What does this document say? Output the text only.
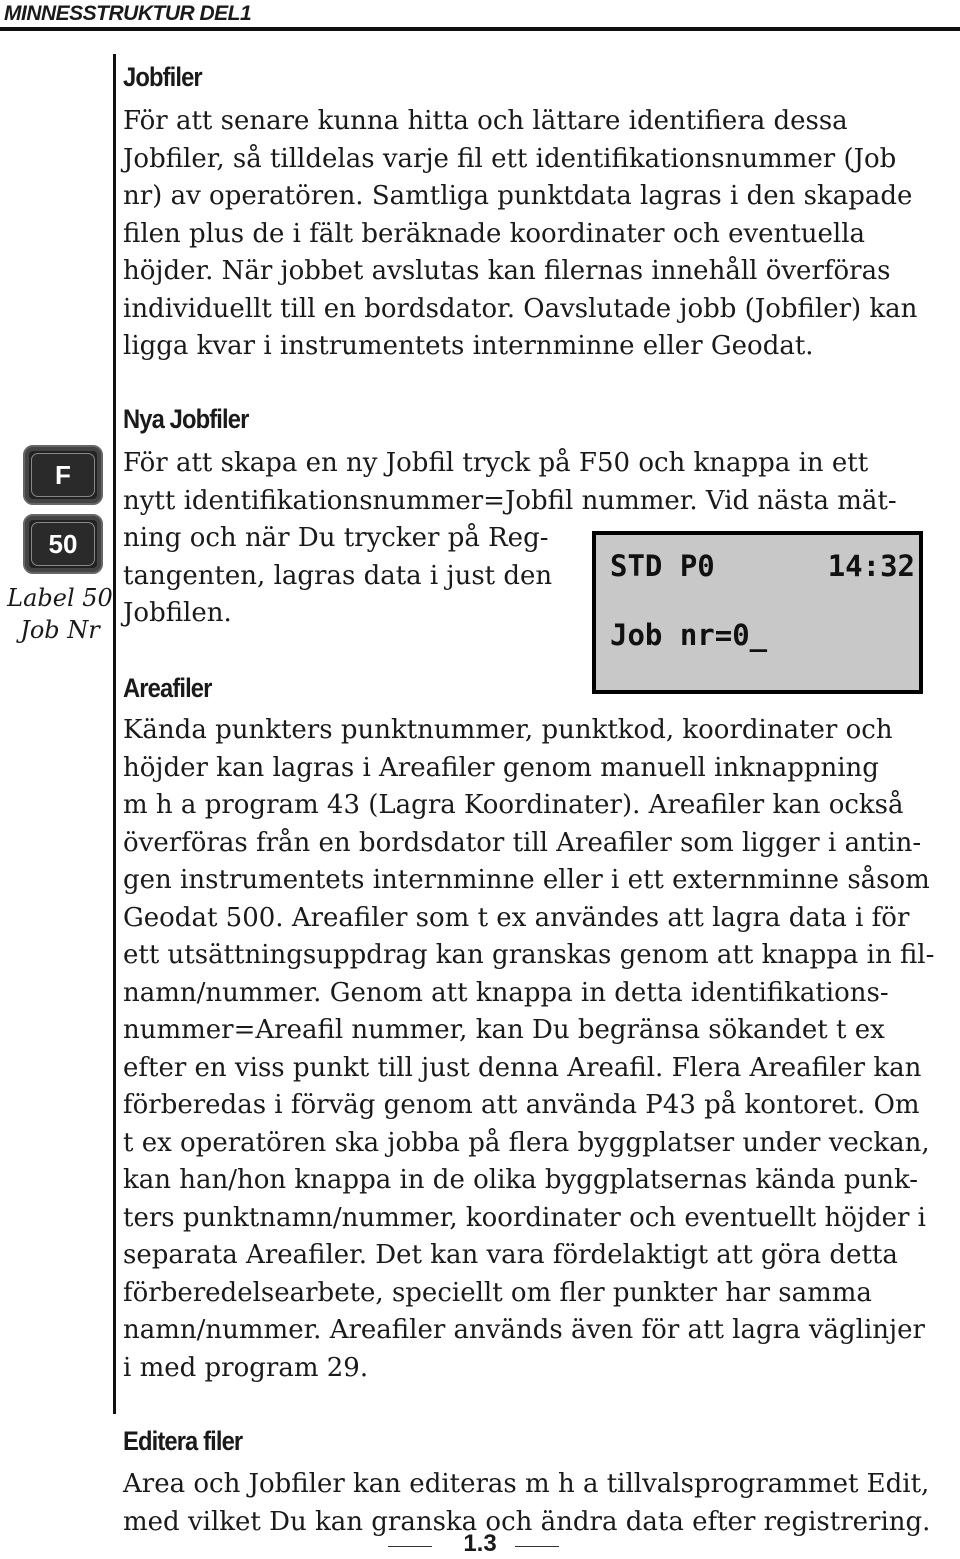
MINNESSTRUKTUR DEL1
Jobfiler
För att senare kunna hitta och lättare identifiera dessa
Jobfiler, så tilldelas varje fil ett identifikationsnummer (Job
nr) av operatören. Samtliga punktdata lagras i den skapade
filen plus de i fält beräknade koordinater och eventuella
höjder. När jobbet avslutas kan filernas innehåll överföras
individuellt till en bordsdator. Oavslutade jobb (Jobfiler) kan
ligga kvar i instrumentets internminne eller Geodat.
Nya Jobfiler
För att skapa en ny Jobfil tryck på F50 och knappa in ett
nytt identifikationsnummer=Jobfil nummer. Vid nästa mät-
ning och när Du trycker på Reg-
tangenten, lagras data i just den
Jobfilen.
F
50
Label 50
Job Nr
STD P0	14:32
Job nr=0_
Areafiler
Kända punkters punktnummer, punktkod, koordinater och
höjder kan lagras i Areafiler genom manuell inknappning
m h a program 43 (Lagra Koordinater). Areafiler kan också
överföras från en bordsdator till Areafiler som ligger i antin-
gen instrumentets internminne eller i ett externminne såsom
Geodat 500. Areafiler som t ex användes att lagra data i för
ett utsättningsuppdrag kan granskas genom att knappa in fil-
namn/nummer. Genom att knappa in detta identifikations-
nummer=Areafil nummer, kan Du begränsa sökandet t ex
efter en viss punkt till just denna Areafil. Flera Areafiler kan
förberedas i förväg genom att använda P43 på kontoret. Om
t ex operatören ska jobba på flera byggplatser under veckan,
kan han/hon knappa in de olika byggplatsernas kända punk-
ters punktnamn/nummer, koordinater och eventuellt höjder i
separata Areafiler. Det kan vara fördelaktigt att göra detta
förberedelsearbete, speciellt om fler punkter har samma
namn/nummer. Areafiler används även för att lagra väglinjer
i med program 29.
Editera filer
Area och Jobfiler kan editeras m h a tillvalsprogrammet Edit,
med vilket Du kan granska och ändra data efter registrering.
1.3
